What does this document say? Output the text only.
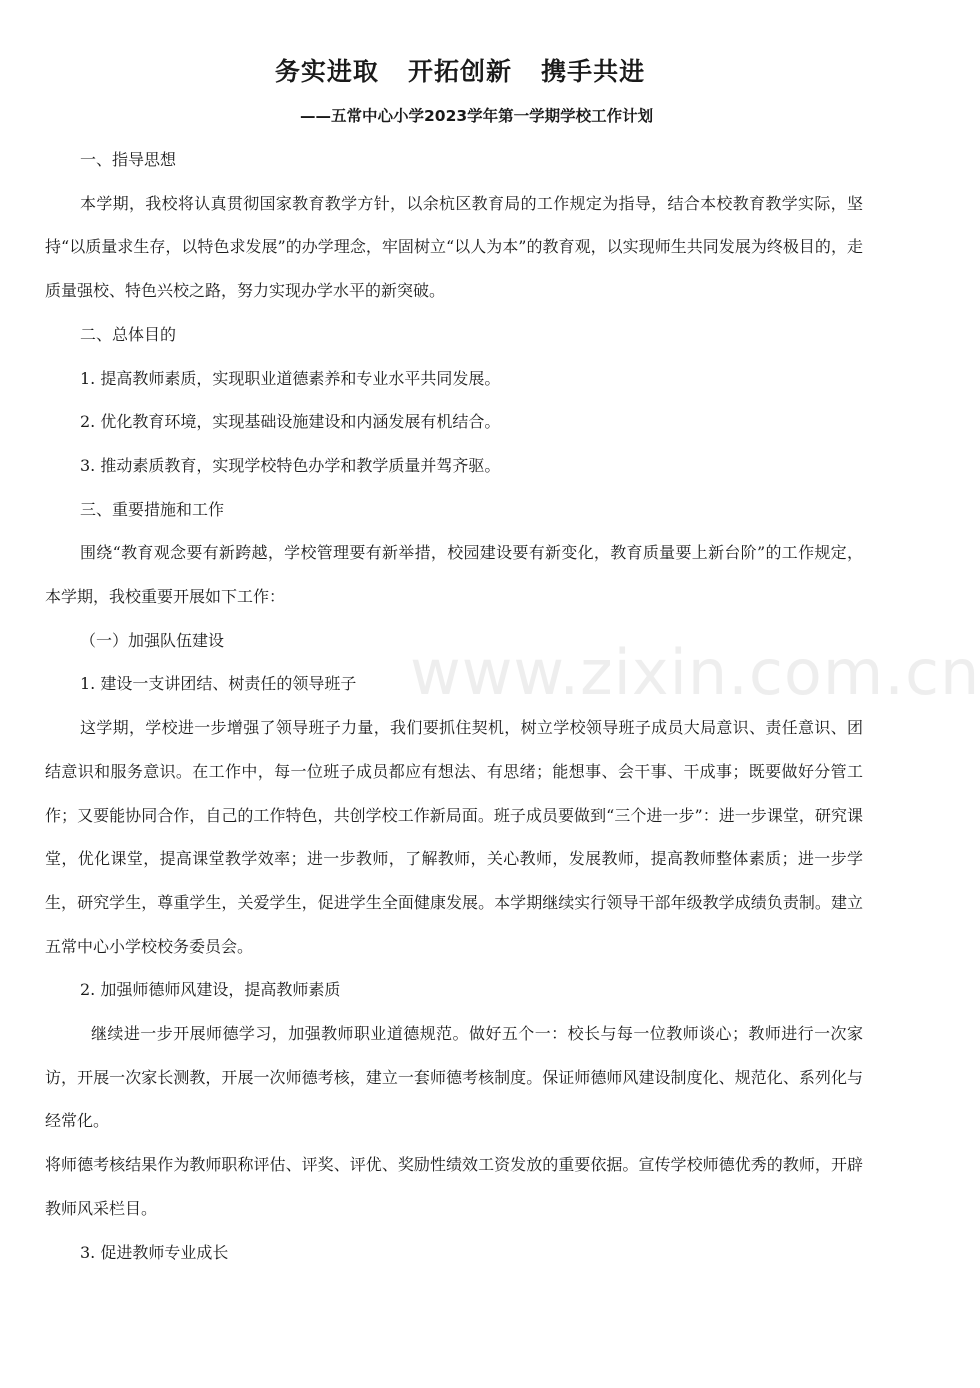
务实进取   开拓创新   携手共进
——五常中心小学2023学年第一学期学校工作计划
www.zixin.com.cn

一、指导思想

本学期，我校将认真贯彻国家教育教学方针，以余杭区教育局的工作规定为指导，结合本校教育教学实际，坚持“以质量求生存，以特色求发展”的办学理念，牢固树立“以人为本”的教育观，以实现师生共同发展为终极目的，走质量强校、特色兴校之路，努力实现办学水平的新突破。

二、总体目的

1. 提高教师素质，实现职业道德素养和专业水平共同发展。

2. 优化教育环境，实现基础设施建设和内涵发展有机结合。

3. 推动素质教育，实现学校特色办学和教学质量并驾齐驱。

三、重要措施和工作

围绕“教育观念要有新跨越，学校管理要有新举措，校园建设要有新变化，教育质量要上新台阶”的工作规定，本学期，我校重要开展如下工作：

（一）加强队伍建设

1. 建设一支讲团结、树责任的领导班子

这学期，学校进一步增强了领导班子力量，我们要抓住契机，树立学校领导班子成员大局意识、责任意识、团结意识和服务意识。在工作中，每一位班子成员都应有想法、有思绪；能想事、会干事、干成事；既要做好分管工作；又要能协同合作，自己的工作特色，共创学校工作新局面。班子成员要做到“三个进一步”：进一步课堂，研究课堂，优化课堂，提高课堂教学效率；进一步教师，了解教师，关心教师，发展教师，提高教师整体素质；进一步学生，研究学生，尊重学生，关爱学生，促进学生全面健康发展。本学期继续实行领导干部年级教学成绩负责制。建立五常中心小学校校务委员会。

2. 加强师德师风建设，提高教师素质

继续进一步开展师德学习，加强教师职业道德规范。做好五个一：校长与每一位教师谈心；教师进行一次家访，开展一次家长测教，开展一次师德考核，建立一套师德考核制度。保证师德师风建设制度化、规范化、系列化与经常化。

将师德考核结果作为教师职称评估、评奖、评优、奖励性绩效工资发放的重要依据。宣传学校师德优秀的教师，开辟教师风采栏目。

3. 促进教师专业成长
